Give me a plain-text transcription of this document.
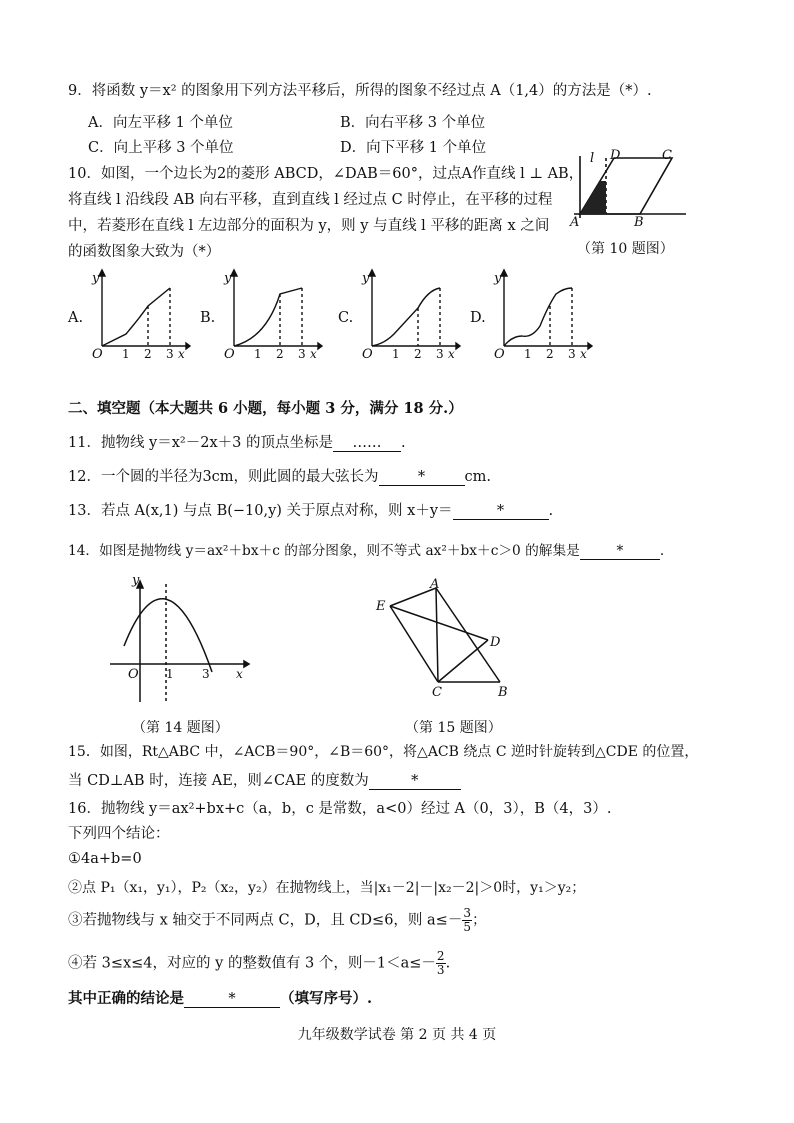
9．将函数 y＝x² 的图象用下列方法平移后，所得的图象不经过点 A（1,4）的方法是（*）.
A．向左平移 1 个单位	B．向右平移 3 个单位
C．向上平移 3 个单位	D．向下平移 1 个单位
10．如图，一个边长为2的菱形 ABCD，∠DAB＝60°，过点A作直线 l ⊥ AB，
将直线 l 沿线段 AB 向右平移，直到直线 l 经过点 C 时停止，在平移的过程
中，若菱形在直线 l 左边部分的面积为 y，则 y 与直线 l 平移的距离 x 之间
的函数图象大致为（*）
l D	C
A	B
（第 10 题图）
A.
y
O 1 2 3 x
B.
y
O 1 2 3 x
C.
y
O 1 2 3 x
D.
y
O 1 2 3 x
二、填空题（本大题共 6 小题，每小题 3 分，满分 18 分.）
11．抛物线 y＝x²－2x＋3 的顶点坐标是 …… .
12．一个圆的半径为3cm，则此圆的最大弦长为	*	cm.
13．若点 A(x,1) 与点 B(−10,y) 关于原点对称，则 x＋y＝	*	.
14．如图是抛物线 y＝ax²＋bx＋c 的部分图象，则不等式 ax²＋bx＋c＞0 的解集是	*	.
y
O 1 3 x
（第 14 题图）
A
E
D
C	B
（第 15 题图）
15．如图，Rt△ABC 中，∠ACB＝90°，∠B＝60°，将△ACB 绕点 C 逆时针旋转到△CDE 的位置，
当 CD⊥AB 时，连接 AE，则∠CAE 的度数为	*
16．抛物线 y＝ax²+bx+c（a，b，c 是常数，a<0）经过 A（0，3），B（4，3）.
下列四个结论：
①4a+b=0
②点 P₁（x₁，y₁），P₂（x₂，y₂）在抛物线上，当|x₁－2|－|x₂－2|＞0时，y₁＞y₂；
③若抛物线与 x 轴交于不同两点 C，D，且 CD≤6，则 $a\le- \frac{3}{5}$ ；
④若 3≤x≤4，对应的 y 的整数值有 3 个，则$-1<a\le- \frac{2}{3}$ .
其中正确的结论是	*	（填写序号）.
九年级数学试卷 第 2 页 共 4 页
